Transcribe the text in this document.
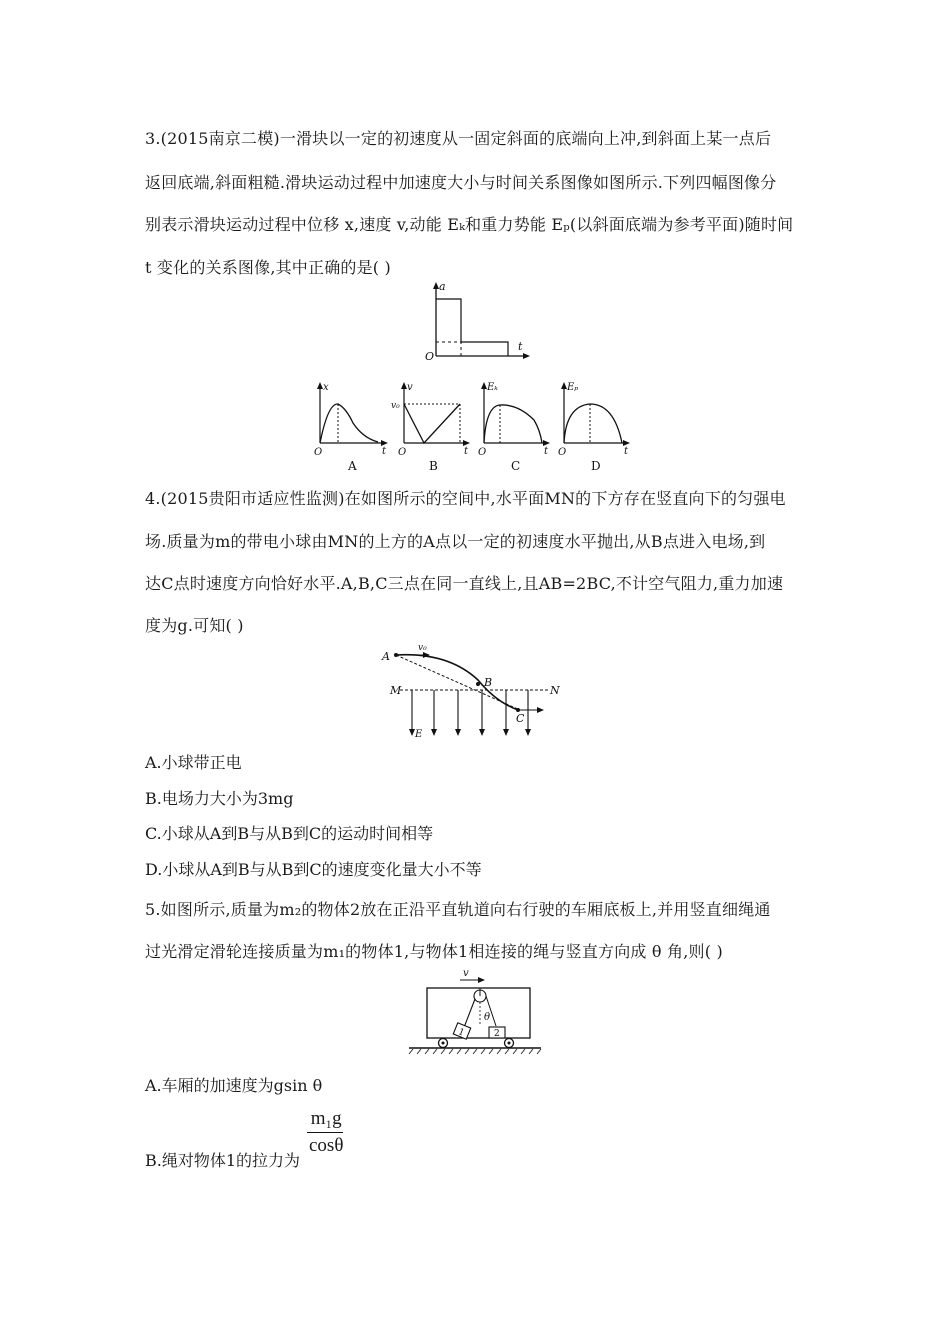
3.(2015南京二模)一滑块以一定的初速度从一固定斜面的底端向上冲,到斜面上某一点后
返回底端,斜面粗糙.滑块运动过程中加速度大小与时间关系图像如图所示.下列四幅图像分
别表示滑块运动过程中位移 x,速度 v,动能 Eₖ和重力势能 Eₚ(以斜面底端为参考平面)随时间
t 变化的关系图像,其中正确的是( )
a
t
O
x
t
O
A
v
v₀
t
O
B
Eₖ
t
O
C
Eₚ
t
O
D
4.(2015贵阳市适应性监测)在如图所示的空间中,水平面MN的下方存在竖直向下的匀强电
场.质量为m的带电小球由MN的上方的A点以一定的初速度水平抛出,从B点进入电场,到
达C点时速度方向恰好水平.A,B,C三点在同一直线上,且AB=2BC,不计空气阻力,重力加速
度为g.可知( )
M	N
E
v₀
A
B
C
A.小球带正电
B.电场力大小为3mg
C.小球从A到B与从B到C的运动时间相等
D.小球从A到B与从B到C的速度变化量大小不等
5.如图所示,质量为m₂的物体2放在正沿平直轨道向右行驶的车厢底板上,并用竖直细绳通
过光滑定滑轮连接质量为m₁的物体1,与物体1相连接的绳与竖直方向成 θ 角,则( )
v
θ
1	2
A.车厢的加速度为gsin θ
B.绳对物体1的拉力为
m₁g
cosθ
